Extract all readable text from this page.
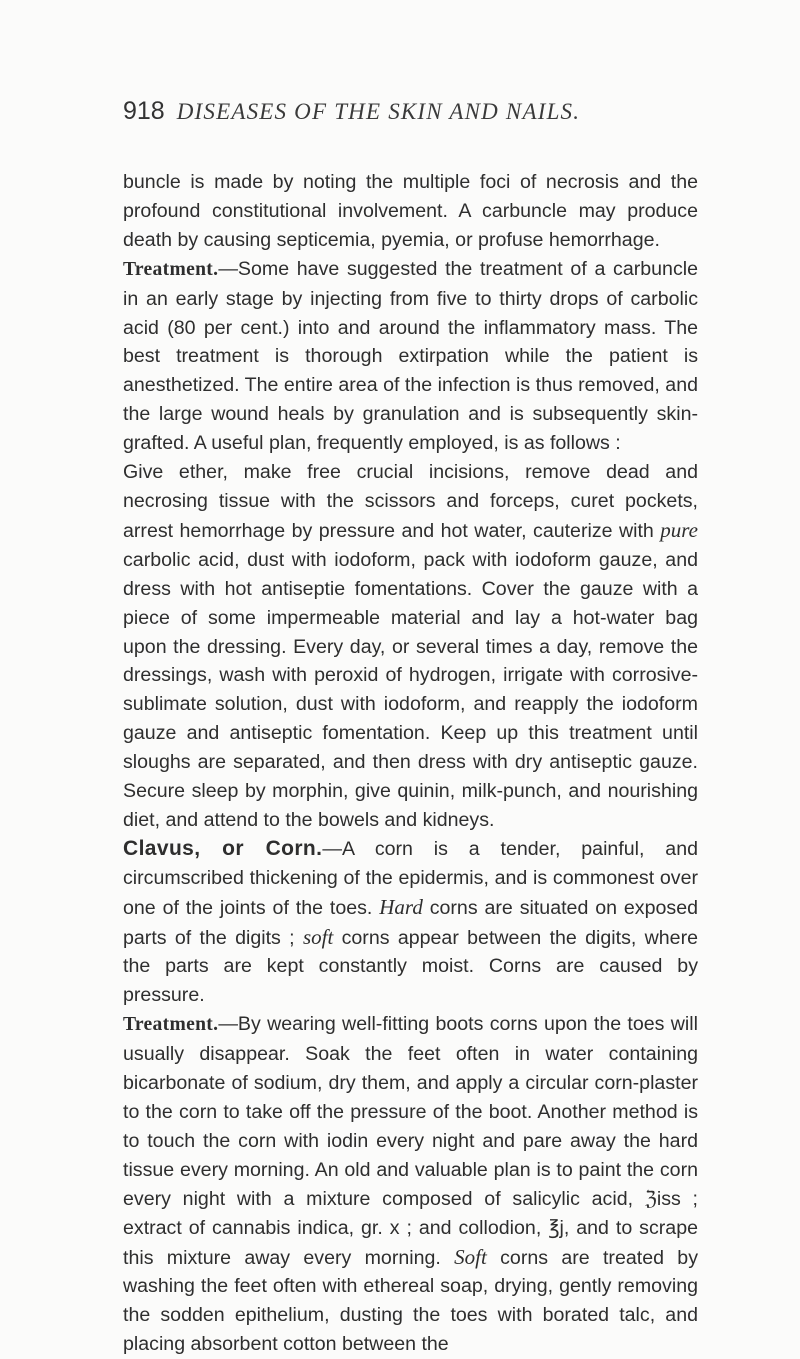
918 DISEASES OF THE SKIN AND NAILS.

buncle is made by noting the multiple foci of necrosis and the profound constitutional involvement. A carbuncle may produce death by causing septicemia, pyemia, or profuse hemorrhage.

Treatment.—Some have suggested the treatment of a carbuncle in an early stage by injecting from five to thirty drops of carbolic acid (80 per cent.) into and around the inflammatory mass. The best treatment is thorough extirpation while the patient is anesthetized. The entire area of the infection is thus removed, and the large wound heals by granulation and is subsequently skin-grafted. A useful plan, frequently employed, is as follows :

Give ether, make free crucial incisions, remove dead and necrosing tissue with the scissors and forceps, curet pockets, arrest hemorrhage by pressure and hot water, cauterize with pure carbolic acid, dust with iodoform, pack with iodoform gauze, and dress with hot antiseptie fomentations. Cover the gauze with a piece of some impermeable material and lay a hot-water bag upon the dressing. Every day, or several times a day, remove the dressings, wash with peroxid of hydrogen, irrigate with corrosive-sublimate solution, dust with iodoform, and reapply the iodoform gauze and antiseptic fomentation. Keep up this treatment until sloughs are separated, and then dress with dry antiseptic gauze. Secure sleep by morphin, give quinin, milk-punch, and nourishing diet, and attend to the bowels and kidneys.

Clavus, or Corn.—A corn is a tender, painful, and circumscribed thickening of the epidermis, and is commonest over one of the joints of the toes. Hard corns are situated on exposed parts of the digits ; soft corns appear between the digits, where the parts are kept constantly moist. Corns are caused by pressure.

Treatment.—By wearing well-fitting boots corns upon the toes will usually disappear. Soak the feet often in water containing bicarbonate of sodium, dry them, and apply a circular corn-plaster to the corn to take off the pressure of the boot. Another method is to touch the corn with iodin every night and pare away the hard tissue every morning. An old and valuable plan is to paint the corn every night with a mixture composed of salicylic acid, ℨiss ; extract of cannabis indica, gr. x ; and collodion, ℥j, and to scrape this mixture away every morning. Soft corns are treated by washing the feet often with ethereal soap, drying, gently removing the sodden epithelium, dusting the toes with borated talc, and placing absorbent cotton between the
